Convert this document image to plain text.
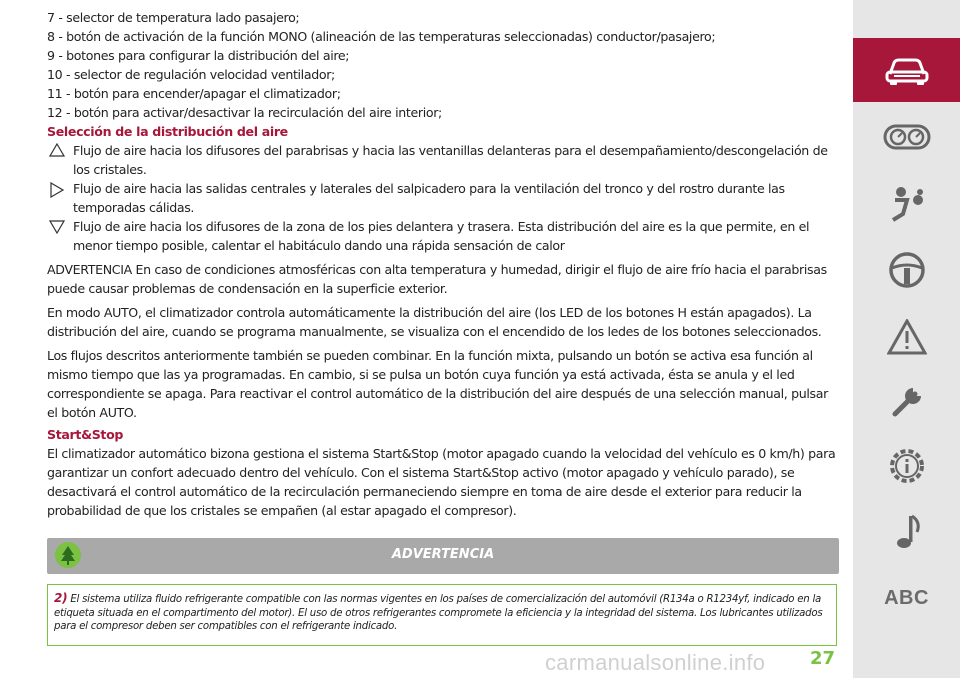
7 - selector de temperatura lado pasajero;

8 - botón de activación de la función MONO (alineación de las temperaturas seleccionadas) conductor/pasajero;

9 - botones para configurar la distribución del aire;

10 - selector de regulación velocidad ventilador;

11 - botón para encender/apagar el climatizador;

12 - botón para activar/desactivar la recirculación del aire interior;

Selección de la distribución del aire

Flujo de aire hacia los difusores del parabrisas y hacia las ventanillas delanteras para el desempañamiento/descongelación de los cristales.
Flujo de aire hacia las salidas centrales y laterales del salpicadero para la ventilación del tronco y del rostro durante las temporadas cálidas.
Flujo de aire hacia los difusores de la zona de los pies delantera y trasera. Esta distribución del aire es la que permite, en el menor tiempo posible, calentar el habitáculo dando una rápida sensación de calor

ADVERTENCIA En caso de condiciones atmosféricas con alta temperatura y humedad, dirigir el flujo de aire frío hacia el parabrisas puede causar problemas de condensación en la superficie exterior.

En modo AUTO, el climatizador controla automáticamente la distribución del aire (los LED de los botones H están apagados). La distribución del aire, cuando se programa manualmente, se visualiza con el encendido de los ledes de los botones seleccionados.

Los flujos descritos anteriormente también se pueden combinar. En la función mixta, pulsando un botón se activa esa función al mismo tiempo que las ya programadas. En cambio, si se pulsa un botón cuya función ya está activada, ésta se anula y el led correspondiente se apaga. Para reactivar el control automático de la distribución del aire después de una selección manual, pulsar el botón AUTO.

Start&Stop

El climatizador automático bizona gestiona el sistema Start&Stop (motor apagado cuando la velocidad del vehículo es 0 km/h) para garantizar un confort adecuado dentro del vehículo. Con el sistema Start&Stop activo (motor apagado y vehículo parado), se desactivará el control automático de la recirculación permaneciendo siempre en toma de aire desde el exterior para reducir la probabilidad de que los cristales se empañen (al estar apagado el compresor).

ADVERTENCIA
2) El sistema utiliza fluido refrigerante compatible con las normas vigentes en los países de comercialización del automóvil (R134a o R1234yf, indicado en la etiqueta situada en el compartimento del motor). El uso de otros refrigerantes compromete la eficiencia y la integridad del sistema. Los lubricantes utilizados para el compresor deben ser compatibles con el refrigerante indicado.
carmanualsonline.info 27
ABC
